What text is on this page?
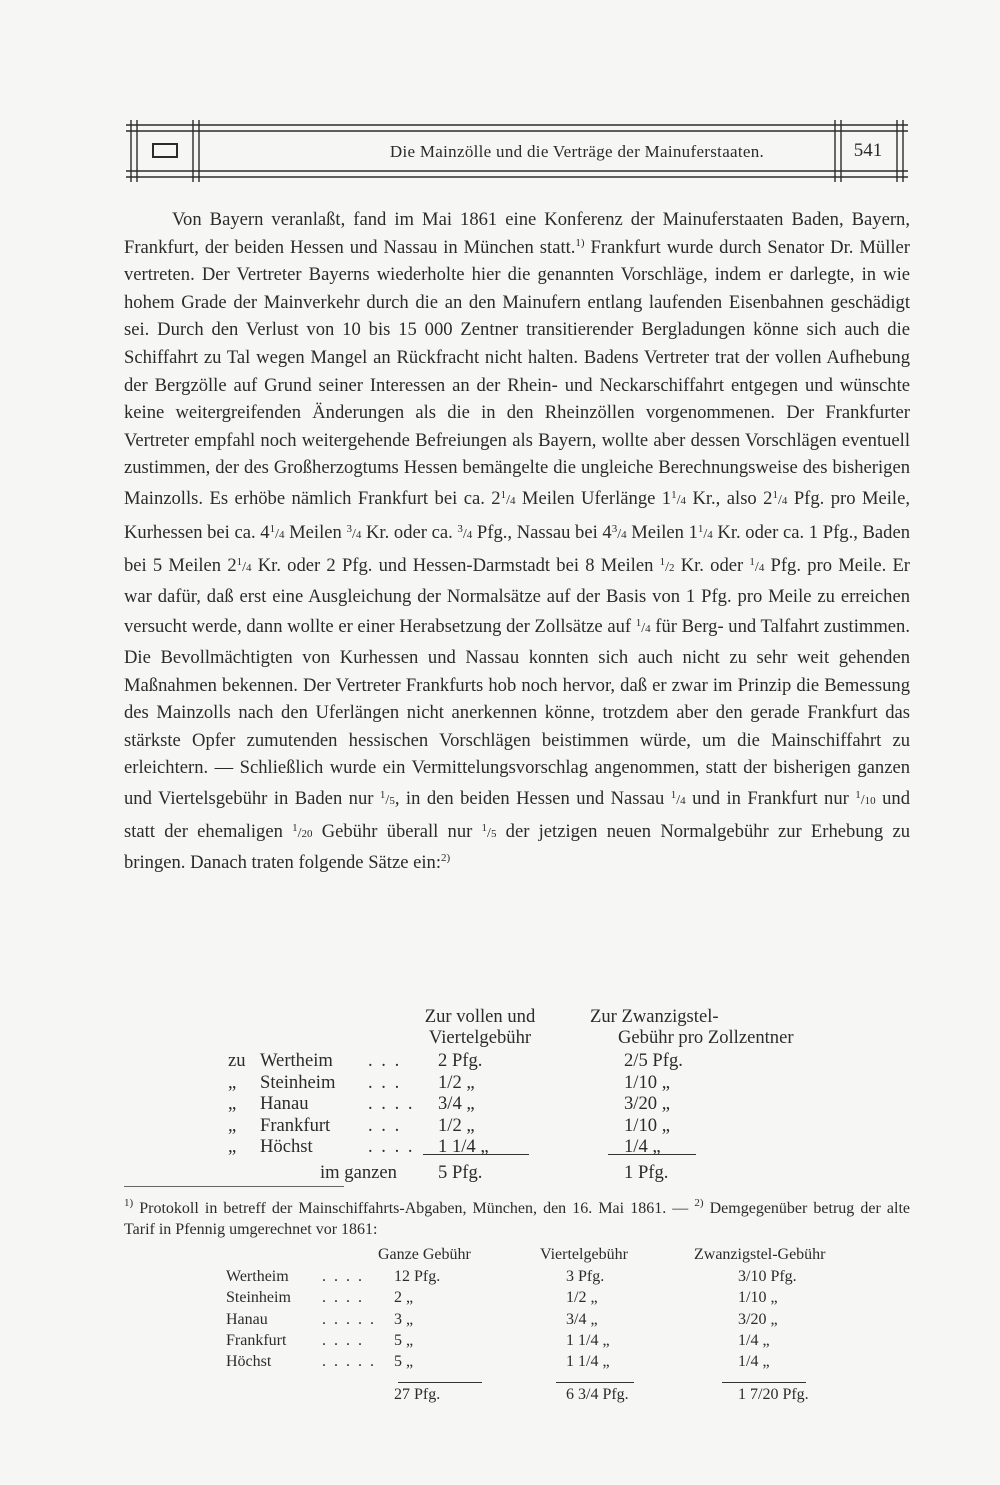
Die Mainzölle und die Verträge der Mainuferstaaten.	541
Von Bayern veranlaßt, fand im Mai 1861 eine Konferenz der Mainuferstaaten Baden, Bayern, Frankfurt, der beiden Hessen und Nassau in München statt.$^{1)}$ Frankfurt wurde durch Senator Dr. Müller vertreten. Der Vertreter Bayerns wiederholte hier die genannten Vorschläge, indem er darlegte, in wie hohem Grade der Mainverkehr durch die an den Mainufern entlang laufenden Eisenbahnen geschädigt sei. Durch den Verlust von 10 bis 15 000 Zentner transitierender Bergladungen könne sich auch die Schiffahrt zu Tal wegen Mangel an Rückfracht nicht halten. Badens Vertreter trat der vollen Aufhebung der Bergzölle auf Grund seiner Interessen an der Rhein- und Neckarschiffahrt entgegen und wünschte keine weitergreifenden Änderungen als die in den Rheinzöllen vorgenommenen. Der Frankfurter Vertreter empfahl noch weitergehende Befreiungen als Bayern, wollte aber dessen Vorschlägen eventuell zustimmen, der des Großherzogtums Hessen bemängelte die ungleiche Berechnungsweise des bisherigen Mainzolls. Es erhöbe nämlich Frankfurt bei ca. $2^1/4$ Meilen Uferlänge $1^1/4$ Kr., also $2^1/4$ Pfg. pro Meile, Kurhessen bei ca. $4^1/4$ Meilen $^3$/4 Kr. oder ca. $^3$/4 Pfg., Nassau bei $4^3/4$ Meilen $1^1/4$ Kr. oder ca. 1 Pfg., Baden bei 5 Meilen $2^1/4$ Kr. oder 2 Pfg. und Hessen-Darmstadt bei 8 Meilen $^1$/2 Kr. oder $^1$/4 Pfg. pro Meile. Er war dafür, daß erst eine Ausgleichung der Normalsätze auf der Basis von 1 Pfg. pro Meile zu erreichen versucht werde, dann wollte er einer Herabsetzung der Zollsätze auf $^1$/4 für Berg- und Talfahrt zustimmen. Die Bevollmächtigten von Kurhessen und Nassau konnten sich auch nicht zu sehr weit gehenden Maßnahmen bekennen. Der Vertreter Frankfurts hob noch hervor, daß er zwar im Prinzip die Bemessung des Mainzolls nach den Uferlängen nicht anerkennen könne, trotzdem aber den gerade Frankfurt das stärkste Opfer zumutenden hessischen Vorschlägen beistimmen würde, um die Mainschiffahrt zu erleichtern. — Schließlich wurde ein Vermittelungsvorschlag angenommen, statt der bisherigen ganzen und Viertelsgebühr in Baden nur $^1$/5, in den beiden Hessen und Nassau $^1$/4 und in Frankfurt nur $^1$/10 und statt der ehemaligen $^1$/20 Gebühr überall nur $^1$/5 der jetzigen neuen Normalgebühr zur Erhebung zu bringen. Danach traten folgende Sätze ein:$^{2)}$
Zur vollen und
Viertelgebühr
Zur Zwanzigstel-
Gebühr pro Zollzentner
zu Wertheim . . . 2 Pfg.	2/5 Pfg.
„	Steinheim . . . 1/2 „	1/10 „
„	Hanau	. . . . 3/4 „	3/20 „
„	Frankfurt . . . 1/2 „	1/10 „
„	Höchst	. . . . 1 1/4 „	1/4 „
im ganzen 5 Pfg.	1 Pfg.
$^{1)}$ Protokoll in betreff der Mainschiffahrts-Abgaben, München, den 16. Mai 1861. — $^{2)}$ Demgegenüber betrug der alte Tarif in Pfennig umgerechnet vor 1861:
Ganze Gebühr	Viertelgebühr	Zwanzigstel-Gebühr
Wertheim . . . . 12 Pfg.	3 Pfg.	3/10 Pfg.
Steinheim . . . . 2 „	1/2 „	1/10 „
Hanau	. . . . . 3 „	3/4 „	3/20 „
Frankfurt . . . . 5 „	1 1/4 „	1/4 „
Höchst	. . . . . 5 „	1 1/4 „	1/4 „
27 Pfg.	6 3/4 Pfg.	1 7/20 Pfg.
